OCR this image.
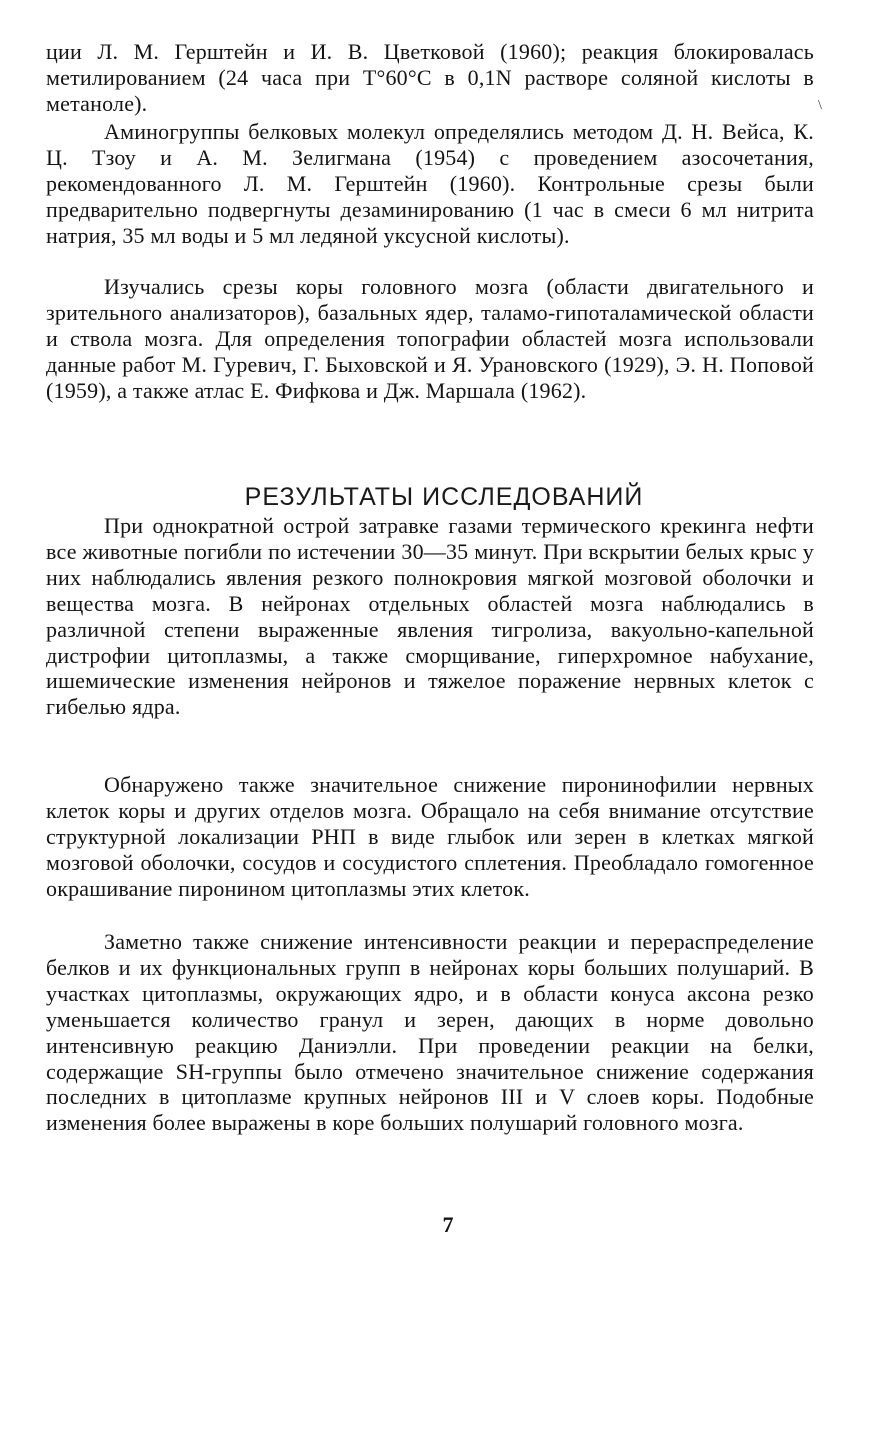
ции Л. М. Герштейн и И. В. Цветковой (1960); реакция блокировалась метилированием (24 часа при T°60°C в 0,1N растворе соляной кислоты в метаноле).	\
Аминогруппы белковых молекул определялись методом Д. Н. Вейса, К. Ц. Тзоу и А. М. Зелигмана (1954) с проведением азосочетания, рекомендованного Л. М. Герштейн (1960). Контрольные срезы были предварительно подвергнуты дезаминированию (1 час в смеси 6 мл нитрита натрия, 35 мл воды и 5 мл ледяной уксусной кислоты).
Изучались срезы коры головного мозга (области двигательного и зрительного анализаторов), базальных ядер, таламо-гипоталамической области и ствола мозга. Для определения топографии областей мозга использовали данные работ М. Гуревич, Г. Быховской и Я. Урановского (1929), Э. Н. Поповой (1959), а также атлас Е. Фифкова и Дж. Маршала (1962).
РЕЗУЛЬТАТЫ ИССЛЕДОВАНИЙ
При однократной острой затравке газами термического крекинга нефти все животные погибли по истечении 30—35 минут. При вскрытии белых крыс у них наблюдались явления резкого полнокровия мягкой мозговой оболочки и вещества мозга. В нейронах отдельных областей мозга наблюдались в различной степени выраженные явления тигролиза, вакуольно-капельной дистрофии цитоплазмы, а также сморщивание, гиперхромное набухание, ишемические изменения нейронов и тяжелое поражение нервных клеток с гибелью ядра.
Обнаружено также значительное снижение пиронинофилии нервных клеток коры и других отделов мозга. Обращало на себя внимание отсутствие структурной локализации РНП в виде глыбок или зерен в клетках мягкой мозговой оболочки, сосудов и сосудистого сплетения. Преобладало гомогенное окрашивание пиронином цитоплазмы этих клеток.
Заметно также снижение интенсивности реакции и перераспределение белков и их функциональных групп в нейронах коры больших полушарий. В участках цитоплазмы, окружающих ядро, и в области конуса аксона резко уменьшается количество гранул и зерен, дающих в норме довольно интенсивную реакцию Даниэлли. При проведении реакции на белки, содержащие SH-группы было отмечено значительное снижение содержания последних в цитоплазме крупных нейронов III и V слоев коры. Подобные изменения более выражены в коре больших полушарий головного мозга.
7
